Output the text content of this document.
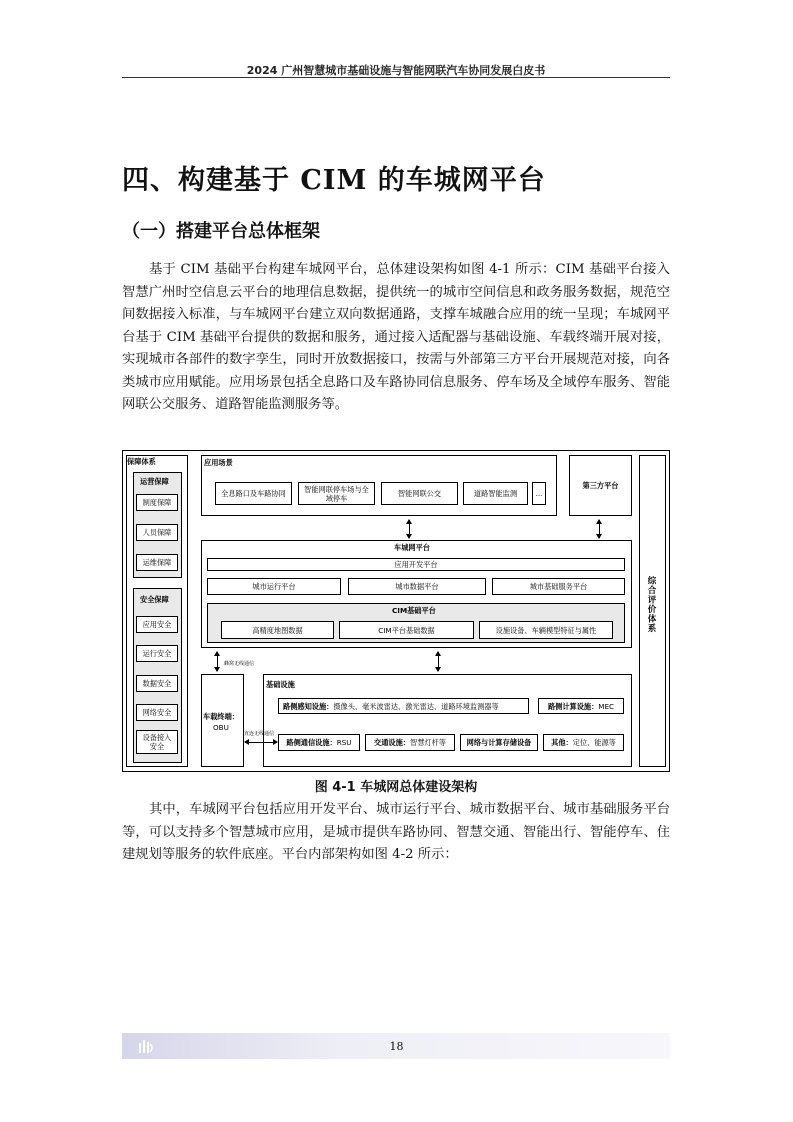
2024 广州智慧城市基础设施与智能网联汽车协同发展白皮书
四、构建基于 CIM 的车城网平台
（一）搭建平台总体框架
基于 CIM 基础平台构建车城网平台，总体建设架构如图 4-1 所示：CIM 基础平台接入智慧广州时空信息云平台的地理信息数据，提供统一的城市空间信息和政务服务数据，规范空间数据接入标准，与车城网平台建立双向数据通路，支撑车城融合应用的统一呈现；车城网平台基于 CIM 基础平台提供的数据和服务，通过接入适配器与基础设施、车载终端开展对接，实现城市各部件的数字孪生，同时开放数据接口，按需与外部第三方平台开展规范对接，向各类城市应用赋能。应用场景包括全息路口及车路协同信息服务、停车场及全域停车服务、智能网联公交服务、道路智能监测服务等。
保障体系
运营保障
制度保障
人员保障
运维保障
安全保障
应用安全
运行安全
数据安全
网络安全
设备接入安全
应用场景
全息路口及车路协同	智能网联停车场与全域停车	智能网联公交	道路智能监测	...
第三方平台
综合评价体系
车城网平台
应用开发平台
城市运行平台	城市数据平台	城市基础服务平台
CIM基础平台
高精度地图数据	CIM平台基础数据	设施设备、车辆模型特征与属性
蜂窝无线通信
车载终端：
OBU
基础设施
路侧感知设施： 摄像头、毫米波雷达、激光雷达、道路环境监测器等	路侧计算设施： MEC
路侧通信设施： RSU	交通设施： 智慧灯杆等	网络与计算存储设备	其他： 定位、能源等
直连无线通信
图 4-1 车城网总体建设架构
其中，车城网平台包括应用开发平台、城市运行平台、城市数据平台、城市基础服务平台等，可以支持多个智慧城市应用，是城市提供车路协同、智慧交通、智能出行、智能停车、住建规划等服务的软件底座。平台内部架构如图 4-2 所示：
18
